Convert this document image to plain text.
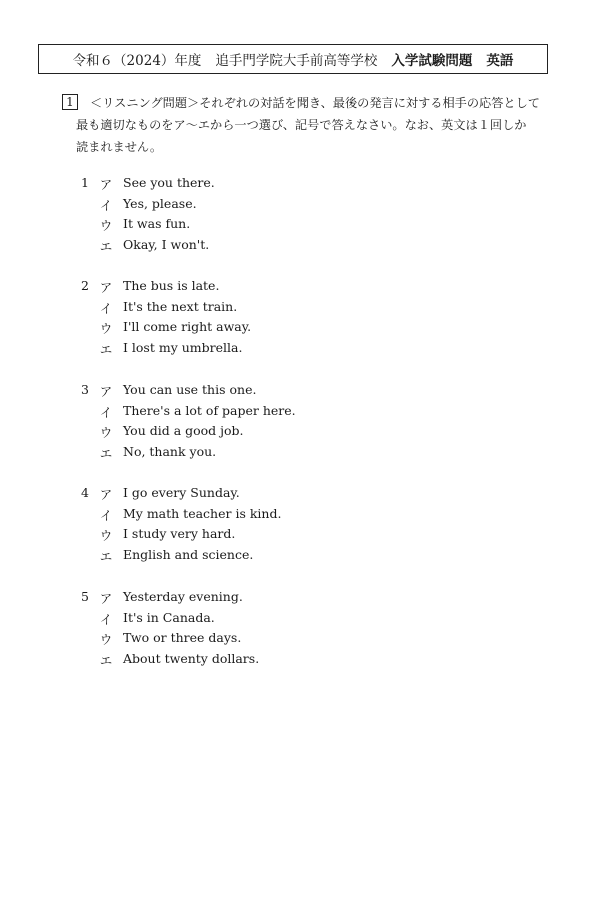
令和６（2024）年度 追手門学院大手前高等学校 入学試験問題 英語
1	＜リスニング問題＞それぞれの対話を聞き、最後の発言に対する相手の応答として
最も適切なものをア～エから一つ選び、記号で答えなさい。なお、英文は１回しか
読まれません。

1 ア See you there.
イ Yes, please.
ウ It was fun.
エ Okay, I won't.
2 ア The bus is late.
イ It's the next train.
ウ I'll come right away.
エ I lost my umbrella.
3 ア You can use this one.
イ There's a lot of paper here.
ウ You did a good job.
エ No, thank you.
4 ア I go every Sunday.
イ My math teacher is kind.
ウ I study very hard.
エ English and science.
5 ア Yesterday evening.
イ It's in Canada.
ウ Two or three days.
エ About twenty dollars.
